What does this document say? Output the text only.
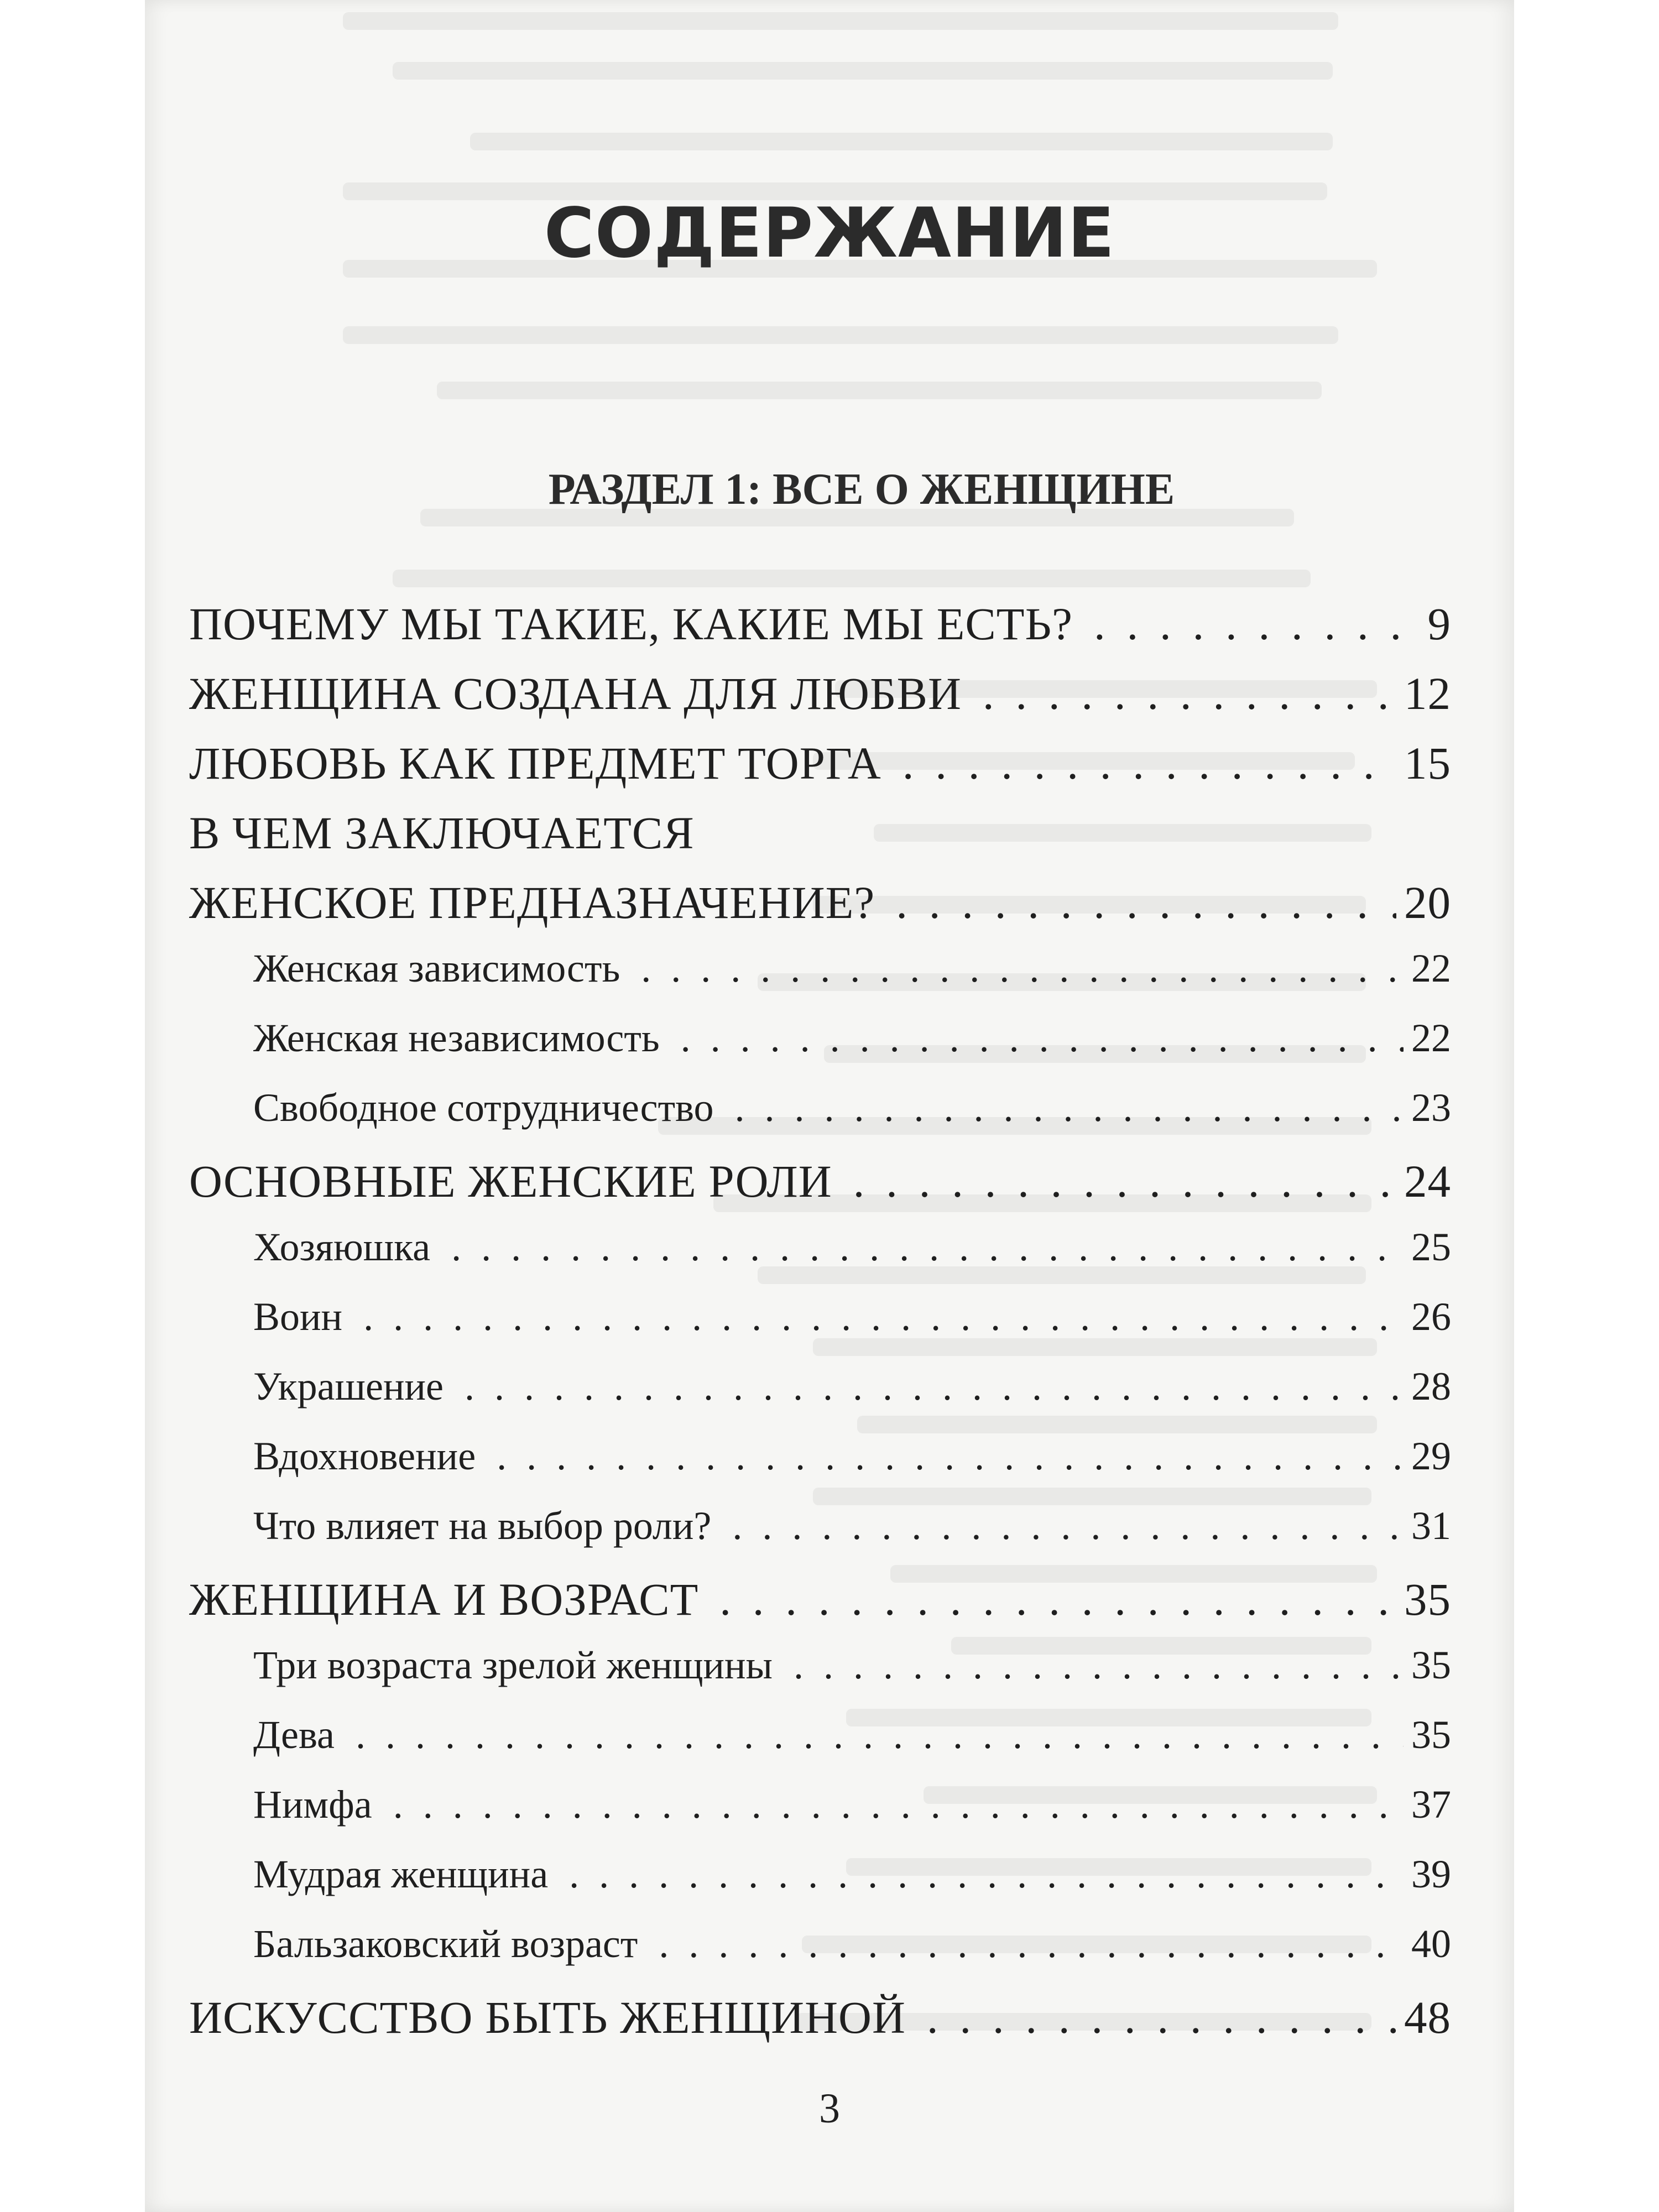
СОДЕРЖАНИЕ
РАЗДЕЛ 1: ВСЕ О ЖЕНЩИНЕ
ПОЧЕМУ МЫ ТАКИЕ, КАКИЕ МЫ ЕСТЬ? . . .	9
ЖЕНЩИНА СОЗДАНА ДЛЯ ЛЮБВИ . . .	12
ЛЮБОВЬ КАК ПРЕДМЕТ ТОРГА . . .	15
В ЧЕМ ЗАКЛЮЧАЕТСЯ
ЖЕНСКОЕ ПРЕДНАЗНАЧЕНИЕ? . . .	20
Женская зависимость . . .	22
Женская независимость . . .	22
Свободное сотрудничество . . .	23
ОСНОВНЫЕ ЖЕНСКИЕ РОЛИ . . .	24
Хозяюшка . . .	25
Воин . . .	26
Украшение . . .	28
Вдохновение . . .	29
Что влияет на выбор роли? . . .	31
ЖЕНЩИНА И ВОЗРАСТ . . .	35
Три возраста зрелой женщины . . .	35
Дева . . .	35
Нимфа . . .	37
Мудрая женщина . . .	39
Бальзаковский возраст . . .	40
ИСКУССТВО БЫТЬ ЖЕНЩИНОЙ . . .	48
3
